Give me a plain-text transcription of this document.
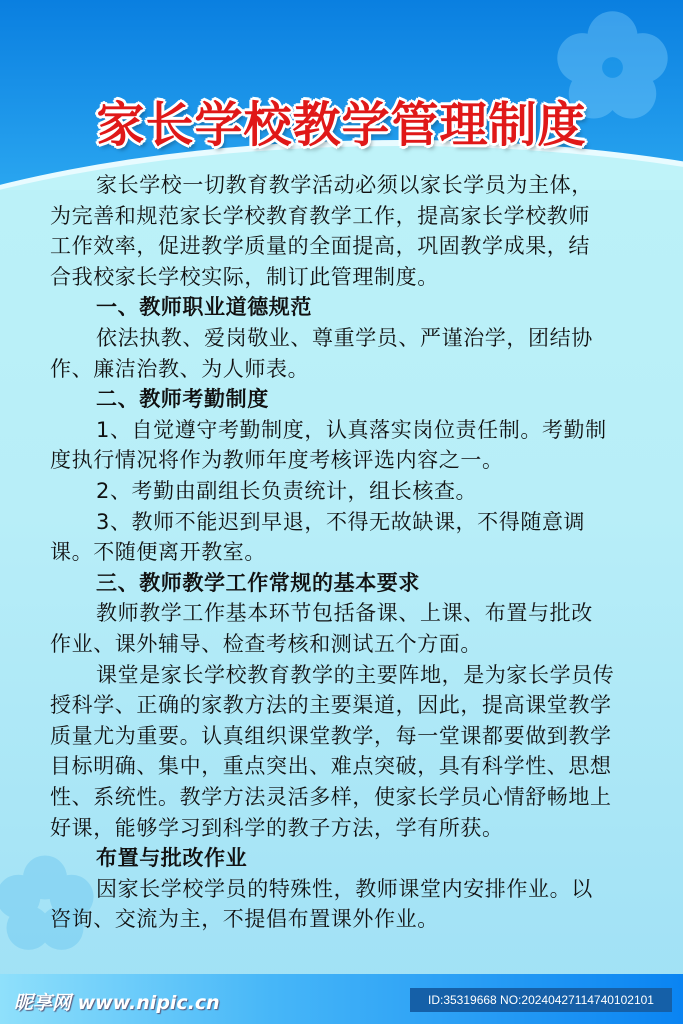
家长学校教学管理制度
家长学校一切教育教学活动必须以家长学员为主体，
为完善和规范家长学校教育教学工作，提高家长学校教师
工作效率，促进教学质量的全面提高，巩固教学成果，结
合我校家长学校实际，制订此管理制度。
一、教师职业道德规范
依法执教、爱岗敬业、尊重学员、严谨治学，团结协
作、廉洁治教、为人师表。
二、教师考勤制度
1、自觉遵守考勤制度，认真落实岗位责任制。考勤制
度执行情况将作为教师年度考核评选内容之一。
2、考勤由副组长负责统计，组长核查。
3、教师不能迟到早退，不得无故缺课，不得随意调
课。不随便离开教室。
三、教师教学工作常规的基本要求
教师教学工作基本环节包括备课、上课、布置与批改
作业、课外辅导、检查考核和测试五个方面。
课堂是家长学校教育教学的主要阵地，是为家长学员传
授科学、正确的家教方法的主要渠道，因此，提高课堂教学
质量尤为重要。认真组织课堂教学，每一堂课都要做到教学
目标明确、集中，重点突出、难点突破，具有科学性、思想
性、系统性。教学方法灵活多样，使家长学员心情舒畅地上
好课，能够学习到科学的教子方法，学有所获。
布置与批改作业
因家长学校学员的特殊性，教师课堂内安排作业。以
咨询、交流为主，不提倡布置课外作业。
昵享网 www.nipic.cn	ID:35319668 NO:20240427114740102101
